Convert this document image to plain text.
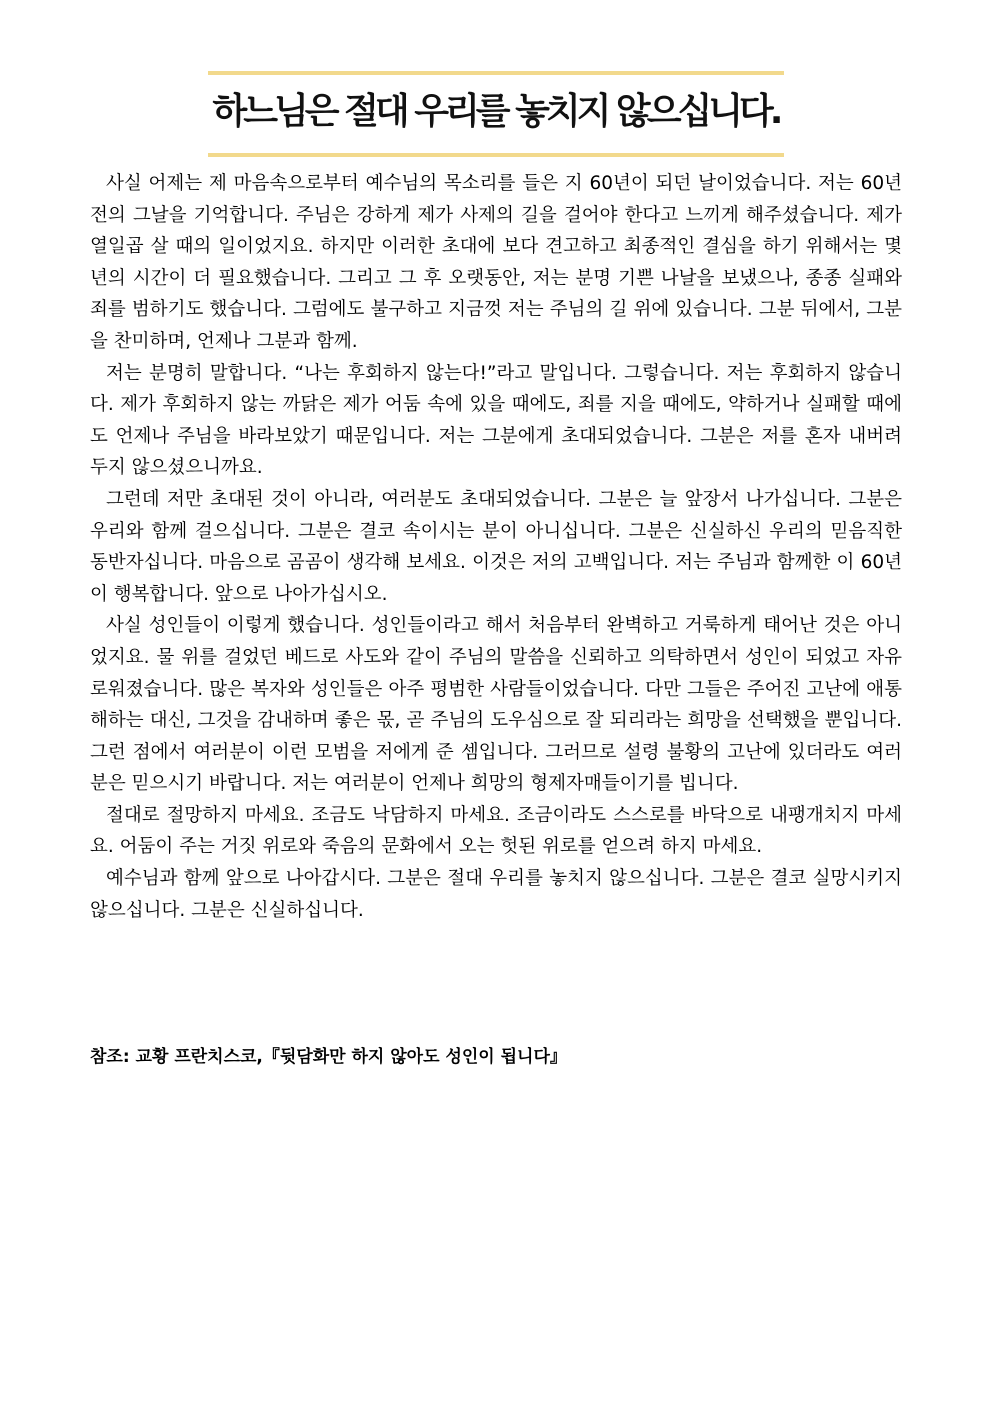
하느님은 절대 우리를 놓치지 않으십니다.

사실 어제는 제 마음속으로부터 예수님의 목소리를 들은 지 60년이 되던 날이었습니다. 저는 60년 전의 그날을 기억합니다. 주님은 강하게 제가 사제의 길을 걸어야 한다고 느끼게 해주셨습니다. 제가 열일곱 살 때의 일이었지요. 하지만 이러한 초대에 보다 견고하고 최종적인 결심을 하기 위해서는 몇 년의 시간이 더 필요했습니다. 그리고 그 후 오랫동안, 저는 분명 기쁜 나날을 보냈으나, 종종 실패와 죄를 범하기도 했습니다. 그럼에도 불구하고 지금껏 저는 주님의 길 위에 있습니다. 그분 뒤에서, 그분을 찬미하며, 언제나 그분과 함께.

저는 분명히 말합니다. “나는 후회하지 않는다!”라고 말입니다. 그렇습니다. 저는 후회하지 않습니다. 제가 후회하지 않는 까닭은 제가 어둠 속에 있을 때에도, 죄를 지을 때에도, 약하거나 실패할 때에도 언제나 주님을 바라보았기 때문입니다. 저는 그분에게 초대되었습니다. 그분은 저를 혼자 내버려 두지 않으셨으니까요.

그런데 저만 초대된 것이 아니라, 여러분도 초대되었습니다. 그분은 늘 앞장서 나가십니다. 그분은 우리와 함께 걸으십니다. 그분은 결코 속이시는 분이 아니십니다. 그분은 신실하신 우리의 믿음직한 동반자십니다. 마음으로 곰곰이 생각해 보세요. 이것은 저의 고백입니다. 저는 주님과 함께한 이 60년이 행복합니다. 앞으로 나아가십시오.

사실 성인들이 이렇게 했습니다. 성인들이라고 해서 처음부터 완벽하고 거룩하게 태어난 것은 아니었지요. 물 위를 걸었던 베드로 사도와 같이 주님의 말씀을 신뢰하고 의탁하면서 성인이 되었고 자유로워졌습니다. 많은 복자와 성인들은 아주 평범한 사람들이었습니다. 다만 그들은 주어진 고난에 애통해하는 대신, 그것을 감내하며 좋은 몫, 곧 주님의 도우심으로 잘 되리라는 희망을 선택했을 뿐입니다. 그런 점에서 여러분이 이런 모범을 저에게 준 셈입니다. 그러므로 설령 불황의 고난에 있더라도 여러분은 믿으시기 바랍니다. 저는 여러분이 언제나 희망의 형제자매들이기를 빕니다.

절대로 절망하지 마세요. 조금도 낙담하지 마세요. 조금이라도 스스로를 바닥으로 내팽개치지 마세요. 어둠이 주는 거짓 위로와 죽음의 문화에서 오는 헛된 위로를 얻으려 하지 마세요.

예수님과 함께 앞으로 나아갑시다. 그분은 절대 우리를 놓치지 않으십니다. 그분은 결코 실망시키지 않으십니다. 그분은 신실하십니다.

참조: 교황 프란치스코,『뒷담화만 하지 않아도 성인이 됩니다』
